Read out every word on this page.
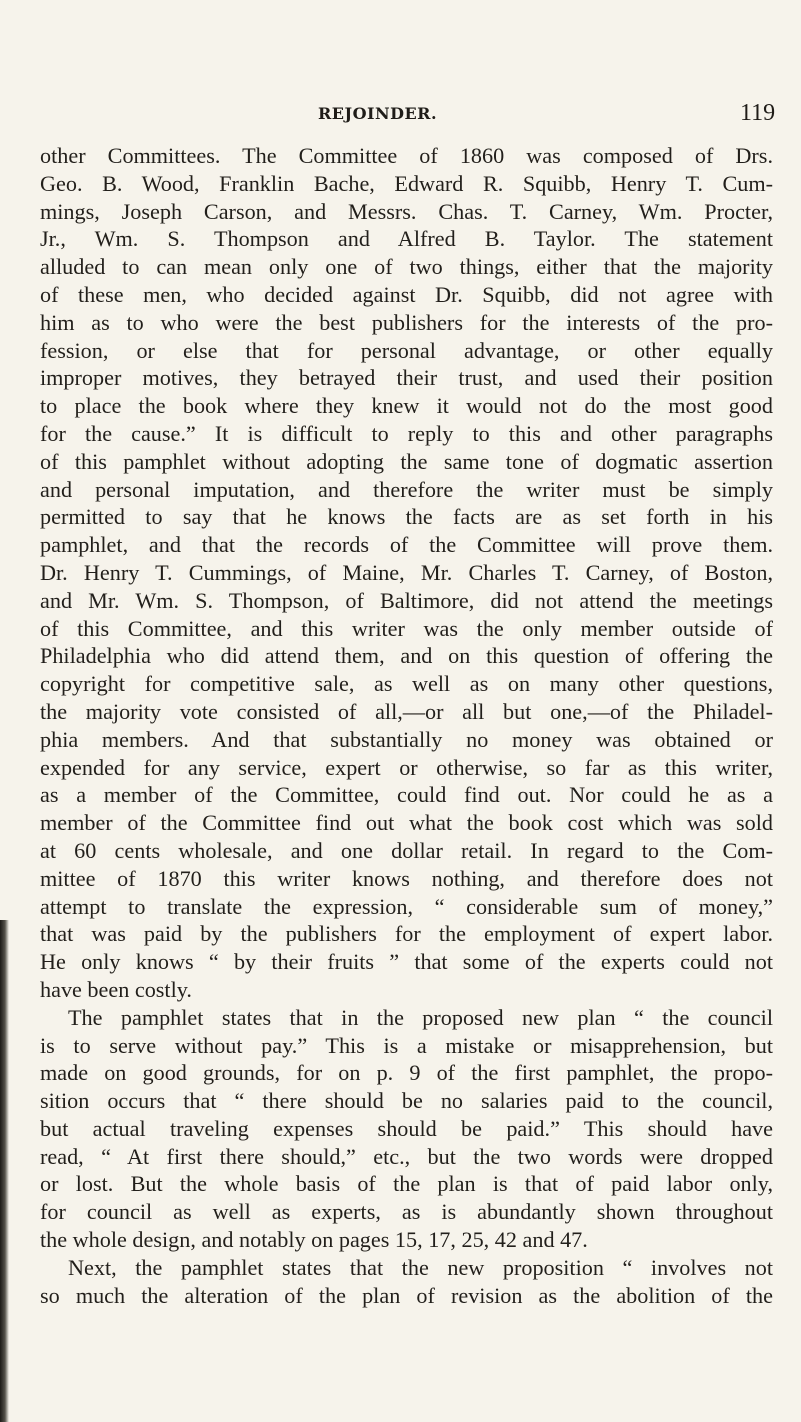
REJOINDER.	119
other Committees. The Committee of 1860 was composed of Drs.
Geo. B. Wood, Franklin Bache, Edward R. Squibb, Henry T. Cum-
mings, Joseph Carson, and Messrs. Chas. T. Carney, Wm. Procter,
Jr., Wm. S. Thompson and Alfred B. Taylor. The statement
alluded to can mean only one of two things, either that the majority
of these men, who decided against Dr. Squibb, did not agree with
him as to who were the best publishers for the interests of the pro-
fession, or else that for personal advantage, or other equally
improper motives, they betrayed their trust, and used their position
to place the book where they knew it would not do the most good
for the cause.” It is difficult to reply to this and other paragraphs
of this pamphlet without adopting the same tone of dogmatic assertion
and personal imputation, and therefore the writer must be simply
permitted to say that he knows the facts are as set forth in his
pamphlet, and that the records of the Committee will prove them.
Dr. Henry T. Cummings, of Maine, Mr. Charles T. Carney, of Boston,
and Mr. Wm. S. Thompson, of Baltimore, did not attend the meetings
of this Committee, and this writer was the only member outside of
Philadelphia who did attend them, and on this question of offering the
copyright for competitive sale, as well as on many other questions,
the majority vote consisted of all,—or all but one,—of the Philadel-
phia members. And that substantially no money was obtained or
expended for any service, expert or otherwise, so far as this writer,
as a member of the Committee, could find out. Nor could he as a
member of the Committee find out what the book cost which was sold
at 60 cents wholesale, and one dollar retail. In regard to the Com-
mittee of 1870 this writer knows nothing, and therefore does not
attempt to translate the expression, “ considerable sum of money,”
that was paid by the publishers for the employment of expert labor.
He only knows “ by their fruits ” that some of the experts could not
have been costly.
The pamphlet states that in the proposed new plan “ the council
is to serve without pay.” This is a mistake or misapprehension, but
made on good grounds, for on p. 9 of the first pamphlet, the propo-
sition occurs that “ there should be no salaries paid to the council,
but actual traveling expenses should be paid.” This should have
read, “ At first there should,” etc., but the two words were dropped
or lost. But the whole basis of the plan is that of paid labor only,
for council as well as experts, as is abundantly shown throughout
the whole design, and notably on pages 15, 17, 25, 42 and 47.
Next, the pamphlet states that the new proposition “ involves not
so much the alteration of the plan of revision as the abolition of the
